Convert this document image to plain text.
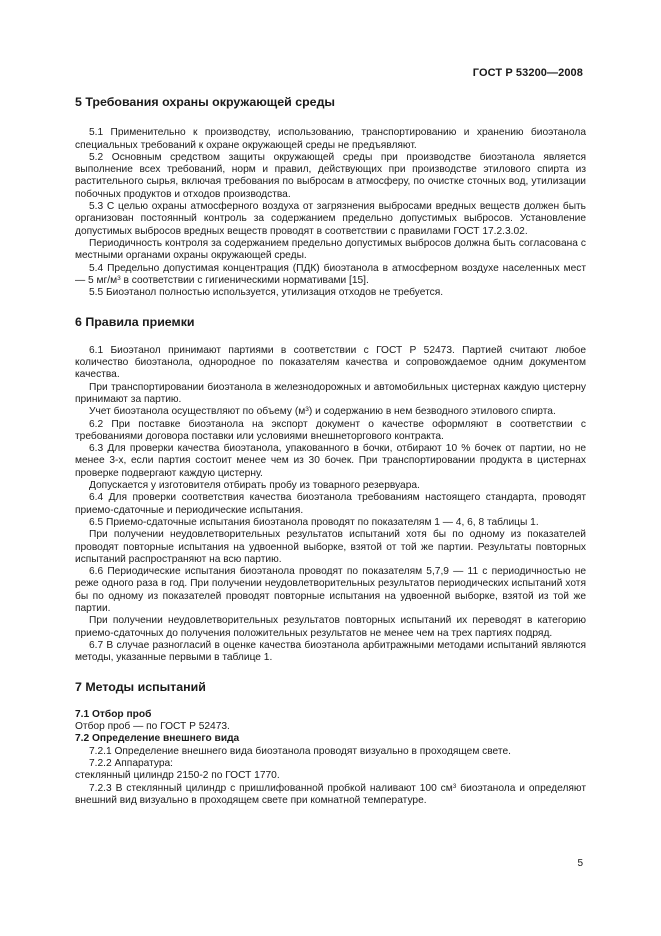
ГОСТ Р 53200—2008
5 Требования охраны окружающей среды

5.1 Применительно к производству, использованию, транспортированию и хранению биоэтанола специальных требований к охране окружающей среды не предъявляют.

5.2 Основным средством защиты окружающей среды при производстве биоэтанола является выполнение всех требований, норм и правил, действующих при производстве этилового спирта из растительного сырья, включая требования по выбросам в атмосферу, по очистке сточных вод, утилизации побочных продуктов и отходов производства.

5.3 С целью охраны атмосферного воздуха от загрязнения выбросами вредных веществ должен быть организован постоянный контроль за содержанием предельно допустимых выбросов. Установление допустимых выбросов вредных веществ проводят в соответствии с правилами ГОСТ 17.2.3.02.

Периодичность контроля за содержанием предельно допустимых выбросов должна быть согласована с местными органами охраны окружающей среды.

5.4 Предельно допустимая концентрация (ПДК) биоэтанола в атмосферном воздухе населенных мест — 5 $мг/м^3$ в соответствии с гигиеническими нормативами [15].

5.5 Биоэтанол полностью используется, утилизация отходов не требуется.

6 Правила приемки

6.1 Биоэтанол принимают партиями в соответствии с ГОСТ Р 52473. Партией считают любое количество биоэтанола, однородное по показателям качества и сопровождаемое одним документом качества.

При транспортировании биоэтанола в железнодорожных и автомобильных цистернах каждую цистерну принимают за партию.

Учет биоэтанола осуществляют по объему $(м^3)$ и содержанию в нем безводного этилового спирта.

6.2 При поставке биоэтанола на экспорт документ о качестве оформляют в соответствии с требованиями договора поставки или условиями внешнеторгового контракта.

6.3 Для проверки качества биоэтанола, упакованного в бочки, отбирают 10 % бочек от партии, но не менее 3-х, если партия состоит менее чем из 30 бочек. При транспортировании продукта в цистернах проверке подвергают каждую цистерну.

Допускается у изготовителя отбирать пробу из товарного резервуара.

6.4 Для проверки соответствия качества биоэтанола требованиям настоящего стандарта, проводят приемо-сдаточные и периодические испытания.

6.5 Приемо-сдаточные испытания биоэтанола проводят по показателям 1 — 4, 6, 8 таблицы 1.

При получении неудовлетворительных результатов испытаний хотя бы по одному из показателей проводят повторные испытания на удвоенной выборке, взятой от той же партии. Результаты повторных испытаний распространяют на всю партию.

6.6 Периодические испытания биоэтанола проводят по показателям 5,7,9 — 11 с периодичностью не реже одного раза в год. При получении неудовлетворительных результатов периодических испытаний хотя бы по одному из показателей проводят повторные испытания на удвоенной выборке, взятой из той же партии.

При получении неудовлетворительных результатов повторных испытаний их переводят в категорию приемо-сдаточных до получения положительных результатов не менее чем на трех партиях подряд.

6.7 В случае разногласий в оценке качества биоэтанола арбитражными методами испытаний являются методы, указанные первыми в таблице 1.

7 Методы испытаний
7.1 Отбор проб

Отбор проб — по ГОСТ Р 52473.

7.2 Определение внешнего вида

7.2.1 Определение внешнего вида биоэтанола проводят визуально в проходящем свете.

7.2.2 Аппаратура:

стеклянный цилиндр 2150-2 по ГОСТ 1770.

7.2.3 В стеклянный цилиндр с пришлифованной пробкой наливают 100 $см^3$ биоэтанола и определяют внешний вид визуально в проходящем свете при комнатной температуре.

5
